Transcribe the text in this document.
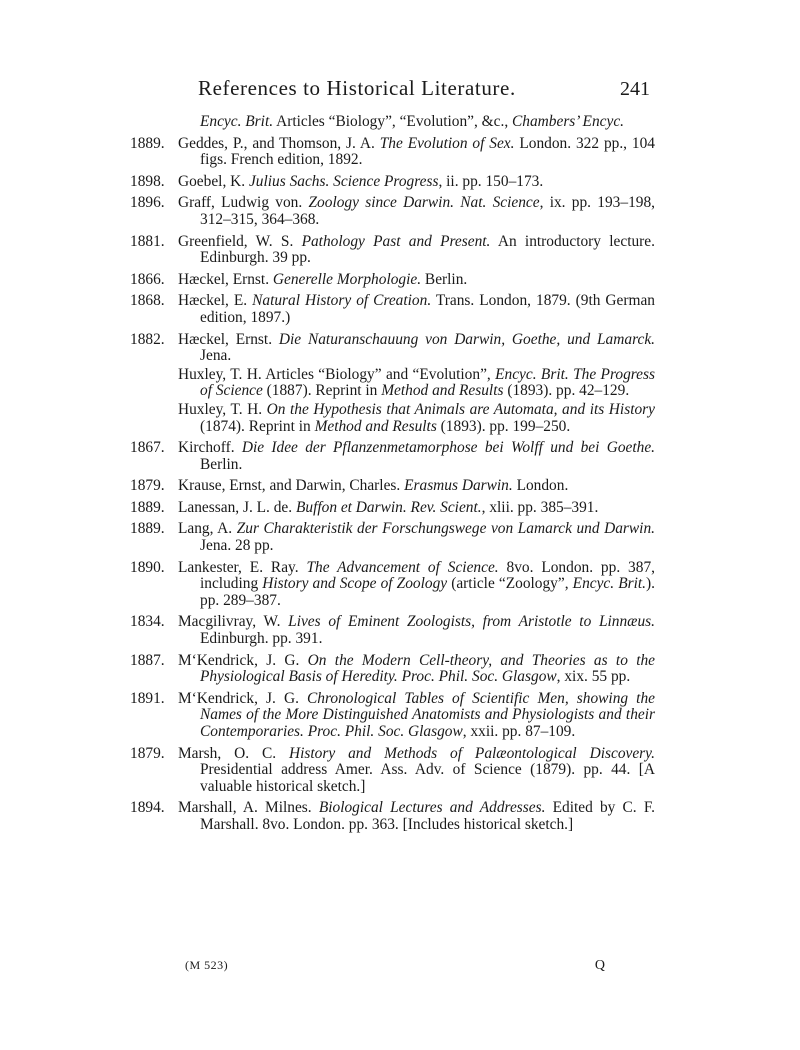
References to Historical Literature.	241
Encyc. Brit. Articles “Biology”, “Evolution”, &c., Chambers’ Encyc.
1889. Geddes, P., and Thomson, J. A. The Evolution of Sex. London. 322 pp., 104 figs. French edition, 1892.
1898. Goebel, K. Julius Sachs. Science Progress, ii. pp. 150–173.
1896. Graff, Ludwig von. Zoology since Darwin. Nat. Science, ix. pp. 193–198, 312–315, 364–368.
1881. Greenfield, W. S. Pathology Past and Present. An introductory lecture. Edinburgh. 39 pp.
1866. Hæckel, Ernst. Generelle Morphologie. Berlin.
1868. Hæckel, E. Natural History of Creation. Trans. London, 1879. (9th German edition, 1897.)
1882. Hæckel, Ernst. Die Naturanschauung von Darwin, Goethe, und Lamarck. Jena.
Huxley, T. H. Articles “Biology” and “Evolution”, Encyc. Brit. The Progress of Science (1887). Reprint in Method and Results (1893). pp. 42–129.
Huxley, T. H. On the Hypothesis that Animals are Automata, and its History (1874). Reprint in Method and Results (1893). pp. 199–250.
1867. Kirchoff. Die Idee der Pflanzenmetamorphose bei Wolff und bei Goethe. Berlin.
1879. Krause, Ernst, and Darwin, Charles. Erasmus Darwin. London.
1889. Lanessan, J. L. de. Buffon et Darwin. Rev. Scient., xlii. pp. 385–391.
1889. Lang, A. Zur Charakteristik der Forschungswege von Lamarck und Darwin. Jena. 28 pp.
1890. Lankester, E. Ray. The Advancement of Science. 8vo. London. pp. 387, including History and Scope of Zoology (article “Zoology”, Encyc. Brit.). pp. 289–387.
1834. Macgilivray, W. Lives of Eminent Zoologists, from Aristotle to Linnæus. Edinburgh. pp. 391.
1887. M‘Kendrick, J. G. On the Modern Cell-theory, and Theories as to the Physiological Basis of Heredity. Proc. Phil. Soc. Glasgow, xix. 55 pp.
1891. M‘Kendrick, J. G. Chronological Tables of Scientific Men, showing the Names of the More Distinguished Anatomists and Physiologists and their Contemporaries. Proc. Phil. Soc. Glasgow, xxii. pp. 87–109.
1879. Marsh, O. C. History and Methods of Palæontological Discovery. Presidential address Amer. Ass. Adv. of Science (1879). pp. 44. [A valuable historical sketch.]
1894. Marshall, A. Milnes. Biological Lectures and Addresses. Edited by C. F. Marshall. 8vo. London. pp. 363. [Includes historical sketch.]
(M 523)	Q
